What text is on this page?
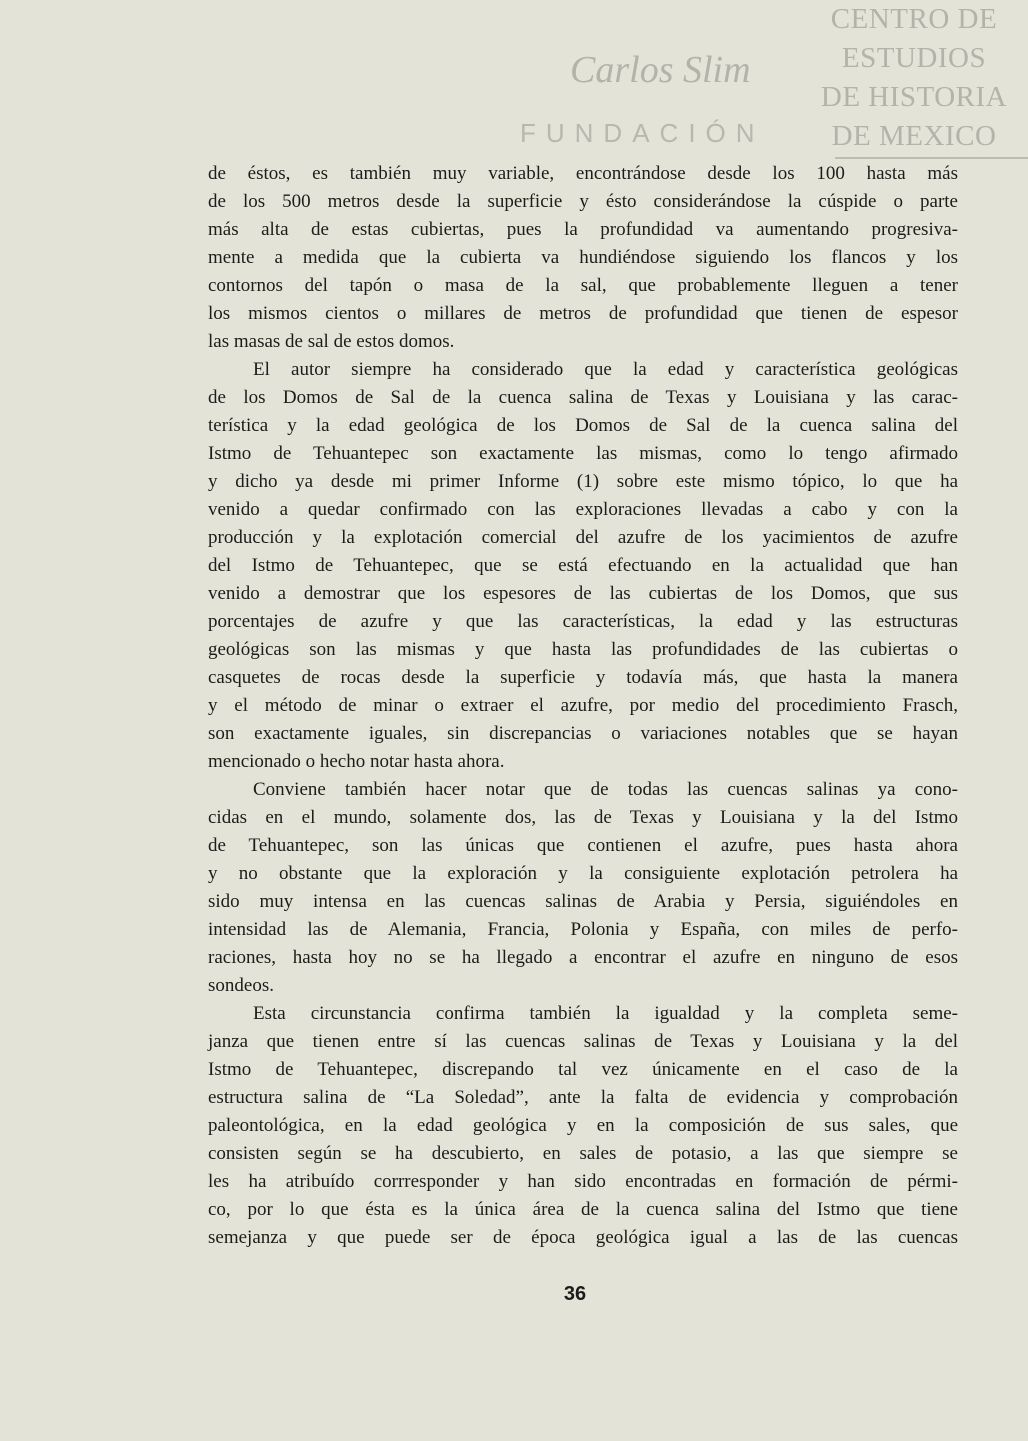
CENTRO DE
ESTUDIOS
DE HISTORIA
DE MEXICO
FUNDACIÓN
Carlos Slim
de éstos, es también muy variable, encontrándose desde los 100 hasta más
de los 500 metros desde la superficie y ésto considerándose la cúspide o parte
más alta de estas cubiertas, pues la profundidad va aumentando progresiva-
mente a medida que la cubierta va hundiéndose siguiendo los flancos y los
contornos del tapón o masa de la sal, que probablemente lleguen a tener
los mismos cientos o millares de metros de profundidad que tienen de espesor
las masas de sal de estos domos.
El autor siempre ha considerado que la edad y característica geológicas
de los Domos de Sal de la cuenca salina de Texas y Louisiana y las carac-
terística y la edad geológica de los Domos de Sal de la cuenca salina del
Istmo de Tehuantepec son exactamente las mismas, como lo tengo afirmado
y dicho ya desde mi primer Informe (1) sobre este mismo tópico, lo que ha
venido a quedar confirmado con las exploraciones llevadas a cabo y con la
producción y la explotación comercial del azufre de los yacimientos de azufre
del Istmo de Tehuantepec, que se está efectuando en la actualidad que han
venido a demostrar que los espesores de las cubiertas de los Domos, que sus
porcentajes de azufre y que las características, la edad y las estructuras
geológicas son las mismas y que hasta las profundidades de las cubiertas o
casquetes de rocas desde la superficie y todavía más, que hasta la manera
y el método de minar o extraer el azufre, por medio del procedimiento Frasch,
son exactamente iguales, sin discrepancias o variaciones notables que se hayan
mencionado o hecho notar hasta ahora.
Conviene también hacer notar que de todas las cuencas salinas ya cono-
cidas en el mundo, solamente dos, las de Texas y Louisiana y la del Istmo
de Tehuantepec, son las únicas que contienen el azufre, pues hasta ahora
y no obstante que la exploración y la consiguiente explotación petrolera ha
sido muy intensa en las cuencas salinas de Arabia y Persia, siguiéndoles en
intensidad las de Alemania, Francia, Polonia y España, con miles de perfo-
raciones, hasta hoy no se ha llegado a encontrar el azufre en ninguno de esos
sondeos.
Esta circunstancia confirma también la igualdad y la completa seme-
janza que tienen entre sí las cuencas salinas de Texas y Louisiana y la del
Istmo de Tehuantepec, discrepando tal vez únicamente en el caso de la
estructura salina de “La Soledad”, ante la falta de evidencia y comprobación
paleontológica, en la edad geológica y en la composición de sus sales, que
consisten según se ha descubierto, en sales de potasio, a las que siempre se
les ha atribuído corrresponder y han sido encontradas en formación de pérmi-
co, por lo que ésta es la única área de la cuenca salina del Istmo que tiene
semejanza y que puede ser de época geológica igual a las de las cuencas
36
